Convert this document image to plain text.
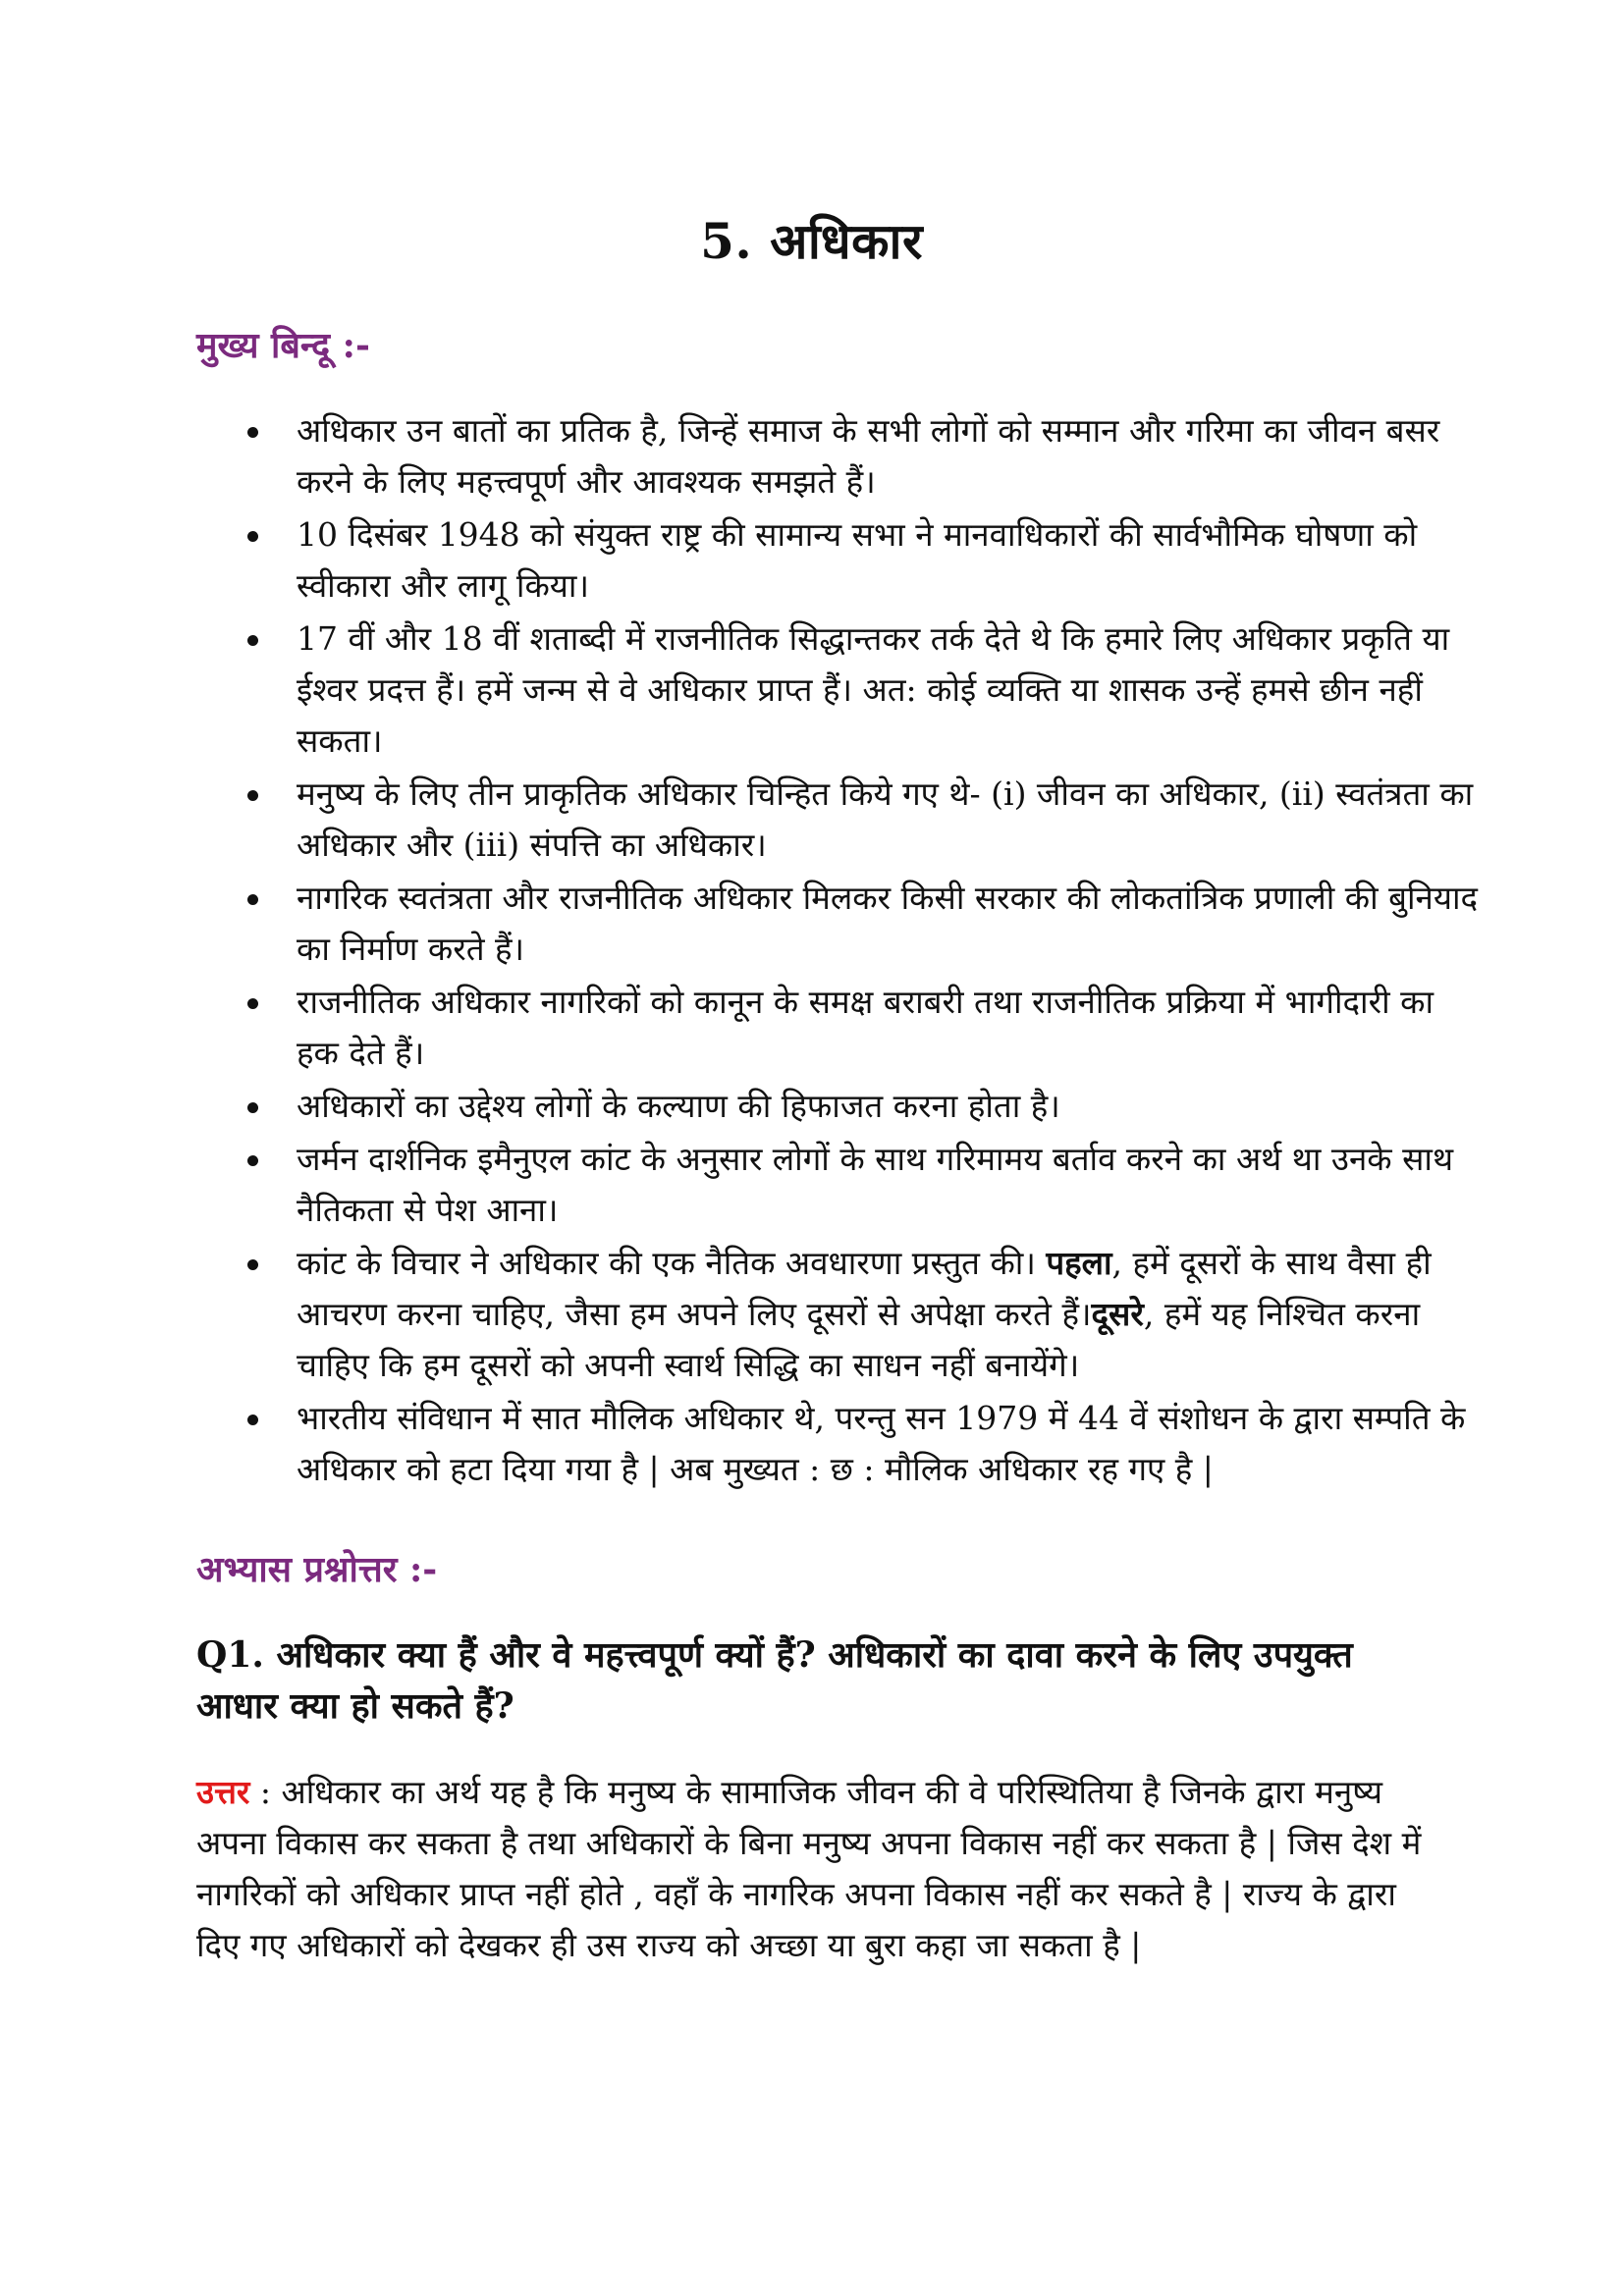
5. अधिकार
मुख्य बिन्दू :-
अधिकार उन बातों का प्रतिक है, जिन्हें समाज के सभी लोगों को सम्मान और गरिमा का जीवन बसर करने के लिए महत्त्वपूर्ण और आवश्यक समझते हैं।
10 दिसंबर 1948 को संयुक्त राष्ट्र की सामान्य सभा ने मानवाधिकारों की सार्वभौमिक घोषणा को स्वीकारा और लागू किया।
17 वीं और 18 वीं शताब्दी में राजनीतिक सिद्धान्तकर तर्क देते थे कि हमारे लिए अधिकार प्रकृति या ईश्वर प्रदत्त हैं। हमें जन्म से वे अधिकार प्राप्त हैं। अत: कोई व्यक्ति या शासक उन्हें हमसे छीन नहीं सकता।
मनुष्य के लिए तीन प्राकृतिक अधिकार चिन्हित किये गए थे- (i) जीवन का अधिकार, (ii) स्वतंत्रता का अधिकार और (iii) संपत्ति का अधिकार।
नागरिक स्वतंत्रता और राजनीतिक अधिकार मिलकर किसी सरकार की लोकतांत्रिक प्रणाली की बुनियाद का निर्माण करते हैं।
राजनीतिक अधिकार नागरिकों को कानून के समक्ष बराबरी तथा राजनीतिक प्रक्रिया में भागीदारी का हक देते हैं।
अधिकारों का उद्देश्य लोगों के कल्याण की हिफाजत करना होता है।
जर्मन दार्शनिक इमैनुएल कांट के अनुसार लोगों के साथ गरिमामय बर्ताव करने का अर्थ था उनके साथ नैतिकता से पेश आना।
कांट के विचार ने अधिकार की एक नैतिक अवधारणा प्रस्तुत की। पहला, हमें दूसरों के साथ वैसा ही आचरण करना चाहिए, जैसा हम अपने लिए दूसरों से अपेक्षा करते हैं।दूसरे, हमें यह निश्चित करना चाहिए कि हम दूसरों को अपनी स्वार्थ सिद्धि का साधन नहीं बनायेंगे।
भारतीय संविधान में सात मौलिक अधिकार थे, परन्तु सन 1979 में 44 वें संशोधन के द्वारा सम्पति के अधिकार को हटा दिया गया है | अब मुख्यत : छ : मौलिक अधिकार रह गए है |
अभ्यास प्रश्नोत्तर :-
Q1. अधिकार क्या हैं और वे महत्त्वपूर्ण क्यों हैं? अधिकारों का दावा करने के लिए उपयुक्त आधार क्या हो सकते हैं?

उत्तर : अधिकार का अर्थ यह है कि मनुष्य के सामाजिक जीवन की वे परिस्थितिया है जिनके द्वारा मनुष्य अपना विकास कर सकता है तथा अधिकारों के बिना मनुष्य अपना विकास नहीं कर सकता है | जिस देश में नागरिकों को अधिकार प्राप्त नहीं होते , वहाँ के नागरिक अपना विकास नहीं कर सकते है | राज्य के द्वारा दिए गए अधिकारों को देखकर ही उस राज्य को अच्छा या बुरा कहा जा सकता है |
